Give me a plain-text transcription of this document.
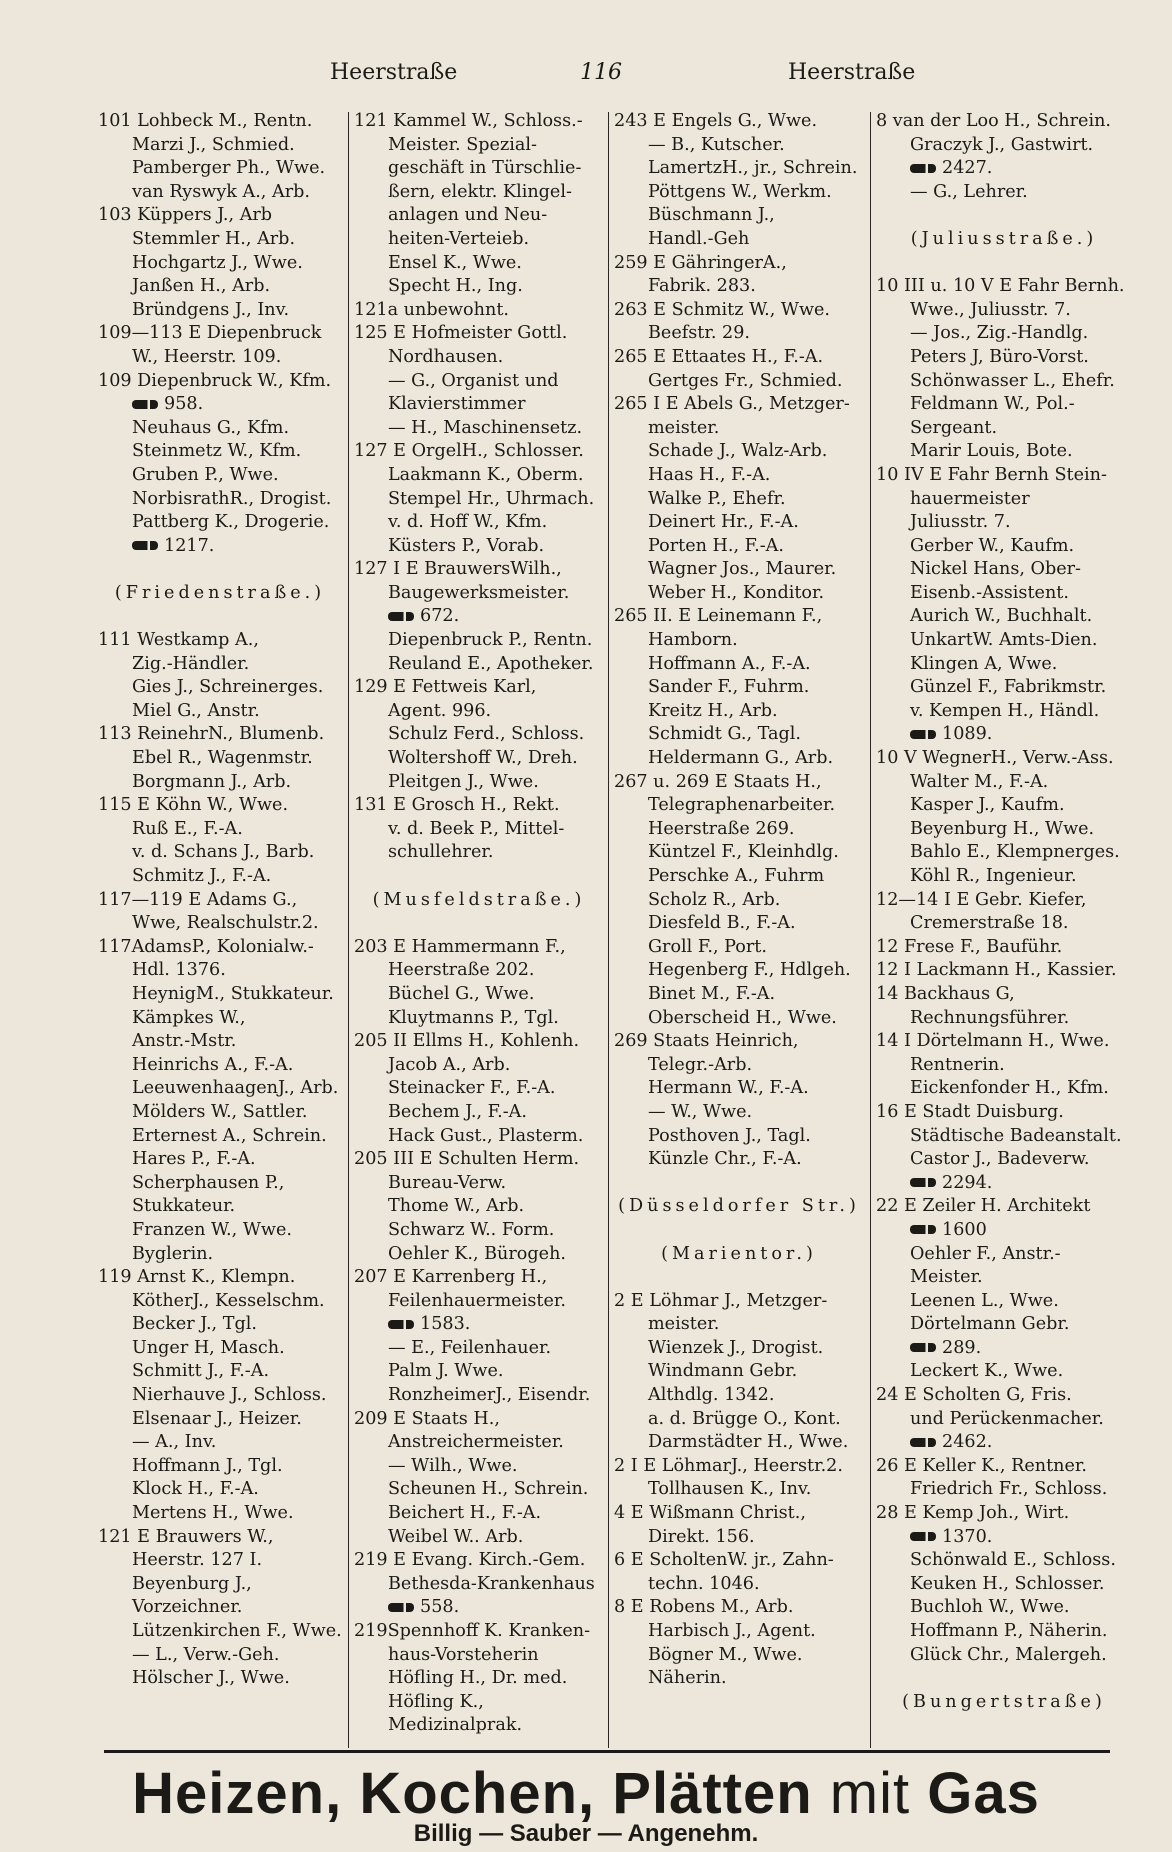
Heerstraße	116	Heerstraße
101 Lohbeck M., Rentn.
Marzi J., Schmied.
Pamberger Ph., Wwe.
van Ryswyk A., Arb.
103 Küppers J., Arb
Stemmler H., Arb.
Hochgartz J., Wwe.
Janßen H., Arb.
Bründgens J., Inv.
109—113 E Diepenbruck
W., Heerstr. 109.
109 Diepenbruck W., Kfm.
958.
Neuhaus G., Kfm.
Steinmetz W., Kfm.
Gruben P., Wwe.
NorbisrathR., Drogist.
Pattberg K., Drogerie.
1217.
(Friedenstraße.)
111 Westkamp A.,
Zig.-Händler.
Gies J., Schreinerges.
Miel G., Anstr.
113 ReinehrN., Blumenb.
Ebel R., Wagenmstr.
Borgmann J., Arb.
115 E Köhn W., Wwe.
Ruß E., F.-A.
v. d. Schans J., Barb.
Schmitz J., F.-A.
117—119 E Adams G.,
Wwe, Realschulstr.2.
117AdamsP., Kolonialw.-
Hdl. 1376.
HeynigM., Stukkateur.
Kämpkes W.,
Anstr.-Mstr.
Heinrichs A., F.-A.
LeeuwenhaagenJ., Arb.
Mölders W., Sattler.
Erternest A., Schrein.
Hares P., F.-A.
Scherphausen P.,
Stukkateur.
Franzen W., Wwe.
Byglerin.
119 Arnst K., Klempn.
KötherJ., Kesselschm.
Becker J., Tgl.
Unger H, Masch.
Schmitt J., F.-A.
Nierhauve J., Schloss.
Elsenaar J., Heizer.
— A., Inv.
Hoffmann J., Tgl.
Klock H., F.-A.
Mertens H., Wwe.
121 E Brauwers W.,
Heerstr. 127 I.
Beyenburg J.,
Vorzeichner.
Lützenkirchen F., Wwe.
— L., Verw.-Geh.
Hölscher J., Wwe.
121 Kammel W., Schloss.-
Meister. Spezial-
geschäft in Türschlie-
ßern, elektr. Klingel-
anlagen und Neu-
heiten-Verteieb.
Ensel K., Wwe.
Specht H., Ing.
121a unbewohnt.
125 E Hofmeister Gottl.
Nordhausen.
— G., Organist und
Klavierstimmer
— H., Maschinensetz.
127 E OrgelH., Schlosser.
Laakmann K., Oberm.
Stempel Hr., Uhrmach.
v. d. Hoff W., Kfm.
Küsters P., Vorab.
127 I E BrauwersWilh.,
Baugewerksmeister.
672.
Diepenbruck P., Rentn.
Reuland E., Apotheker.
129 E Fettweis Karl,
Agent. 996.
Schulz Ferd., Schloss.
Woltershoff W., Dreh.
Pleitgen J., Wwe.
131 E Grosch H., Rekt.
v. d. Beek P., Mittel-
schullehrer.
(Musfeldstraße.)
203 E Hammermann F.,
Heerstraße 202.
Büchel G., Wwe.
Kluytmanns P., Tgl.
205 II Ellms H., Kohlenh.
Jacob A., Arb.
Steinacker F., F.-A.
Bechem J., F.-A.
Hack Gust., Plasterm.
205 III E Schulten Herm.
Bureau-Verw.
Thome W., Arb.
Schwarz W.. Form.
Oehler K., Bürogeh.
207 E Karrenberg H.,
Feilenhauermeister.
1583.
— E., Feilenhauer.
Palm J. Wwe.
RonzheimerJ., Eisendr.
209 E Staats H.,
Anstreichermeister.
— Wilh., Wwe.
Scheunen H., Schrein.
Beichert H., F.-A.
Weibel W.. Arb.
219 E Evang. Kirch.-Gem.
Bethesda-Krankenhaus
558.
219Spennhoff K. Kranken-
haus-Vorsteherin
Höfling H., Dr. med.
Höfling K.,
Medizinalprak.
243 E Engels G., Wwe.
— B., Kutscher.
LamertzH., jr., Schrein.
Pöttgens W., Werkm.
Büschmann J.,
Handl.-Geh
259 E GähringerA.,
Fabrik. 283.
263 E Schmitz W., Wwe.
Beefstr. 29.
265 E Ettaates H., F.-A.
Gertges Fr., Schmied.
265 I E Abels G., Metzger-
meister.
Schade J., Walz-Arb.
Haas H., F.-A.
Walke P., Ehefr.
Deinert Hr., F.-A.
Porten H., F.-A.
Wagner Jos., Maurer.
Weber H., Konditor.
265 II. E Leinemann F.,
Hamborn.
Hoffmann A., F.-A.
Sander F., Fuhrm.
Kreitz H., Arb.
Schmidt G., Tagl.
Heldermann G., Arb.
267 u. 269 E Staats H.,
Telegraphenarbeiter.
Heerstraße 269.
Küntzel F., Kleinhdlg.
Perschke A., Fuhrm
Scholz R., Arb.
Diesfeld B., F.-A.
Groll F., Port.
Hegenberg F., Hdlgeh.
Binet M., F.-A.
Oberscheid H., Wwe.
269 Staats Heinrich,
Telegr.-Arb.
Hermann W., F.-A.
— W., Wwe.
Posthoven J., Tagl.
Künzle Chr., F.-A.
(Düsseldorfer Str.)
(Marientor.)
2 E Löhmar J., Metzger-
meister.
Wienzek J., Drogist.
Windmann Gebr.
Althdlg. 1342.
a. d. Brügge O., Kont.
Darmstädter H., Wwe.
2 I E LöhmarJ., Heerstr.2.
Tollhausen K., Inv.
4 E Wißmann Christ.,
Direkt. 156.
6 E ScholtenW. jr., Zahn-
techn. 1046.
8 E Robens M., Arb.
Harbisch J., Agent.
Bögner M., Wwe.
Näherin.
8 van der Loo H., Schrein.
Graczyk J., Gastwirt.
2427.
— G., Lehrer.
(Juliusstraße.)
10 III u. 10 V E Fahr Bernh.
Wwe., Juliusstr. 7.
— Jos., Zig.-Handlg.
Peters J, Büro-Vorst.
Schönwasser L., Ehefr.
Feldmann W., Pol.-
Sergeant.
Marir Louis, Bote.
10 IV E Fahr Bernh Stein-
hauermeister
Juliusstr. 7.
Gerber W., Kaufm.
Nickel Hans, Ober-
Eisenb.-Assistent.
Aurich W., Buchhalt.
UnkartW. Amts-Dien.
Klingen A, Wwe.
Günzel F., Fabrikmstr.
v. Kempen H., Händl.
1089.
10 V WegnerH., Verw.-Ass.
Walter M., F.-A.
Kasper J., Kaufm.
Beyenburg H., Wwe.
Bahlo E., Klempnerges.
Köhl R., Ingenieur.
12—14 I E Gebr. Kiefer,
Cremerstraße 18.
12 Frese F., Bauführ.
12 I Lackmann H., Kassier.
14 Backhaus G,
Rechnungsführer.
14 I Dörtelmann H., Wwe.
Rentnerin.
Eickenfonder H., Kfm.
16 E Stadt Duisburg.
Städtische Badeanstalt.
Castor J., Badeverw.
2294.
22 E Zeiler H. Architekt
1600
Oehler F., Anstr.-
Meister.
Leenen L., Wwe.
Dörtelmann Gebr.
289.
Leckert K., Wwe.
24 E Scholten G, Fris.
und Perückenmacher.
2462.
26 E Keller K., Rentner.
Friedrich Fr., Schloss.
28 E Kemp Joh., Wirt.
1370.
Schönwald E., Schloss.
Keuken H., Schlosser.
Buchloh W., Wwe.
Hoffmann P., Näherin.
Glück Chr., Malergeh.
(Bungertstraße)
Heizen, Kochen, Plätten mit Gas
Billig — Sauber — Angenehm.
